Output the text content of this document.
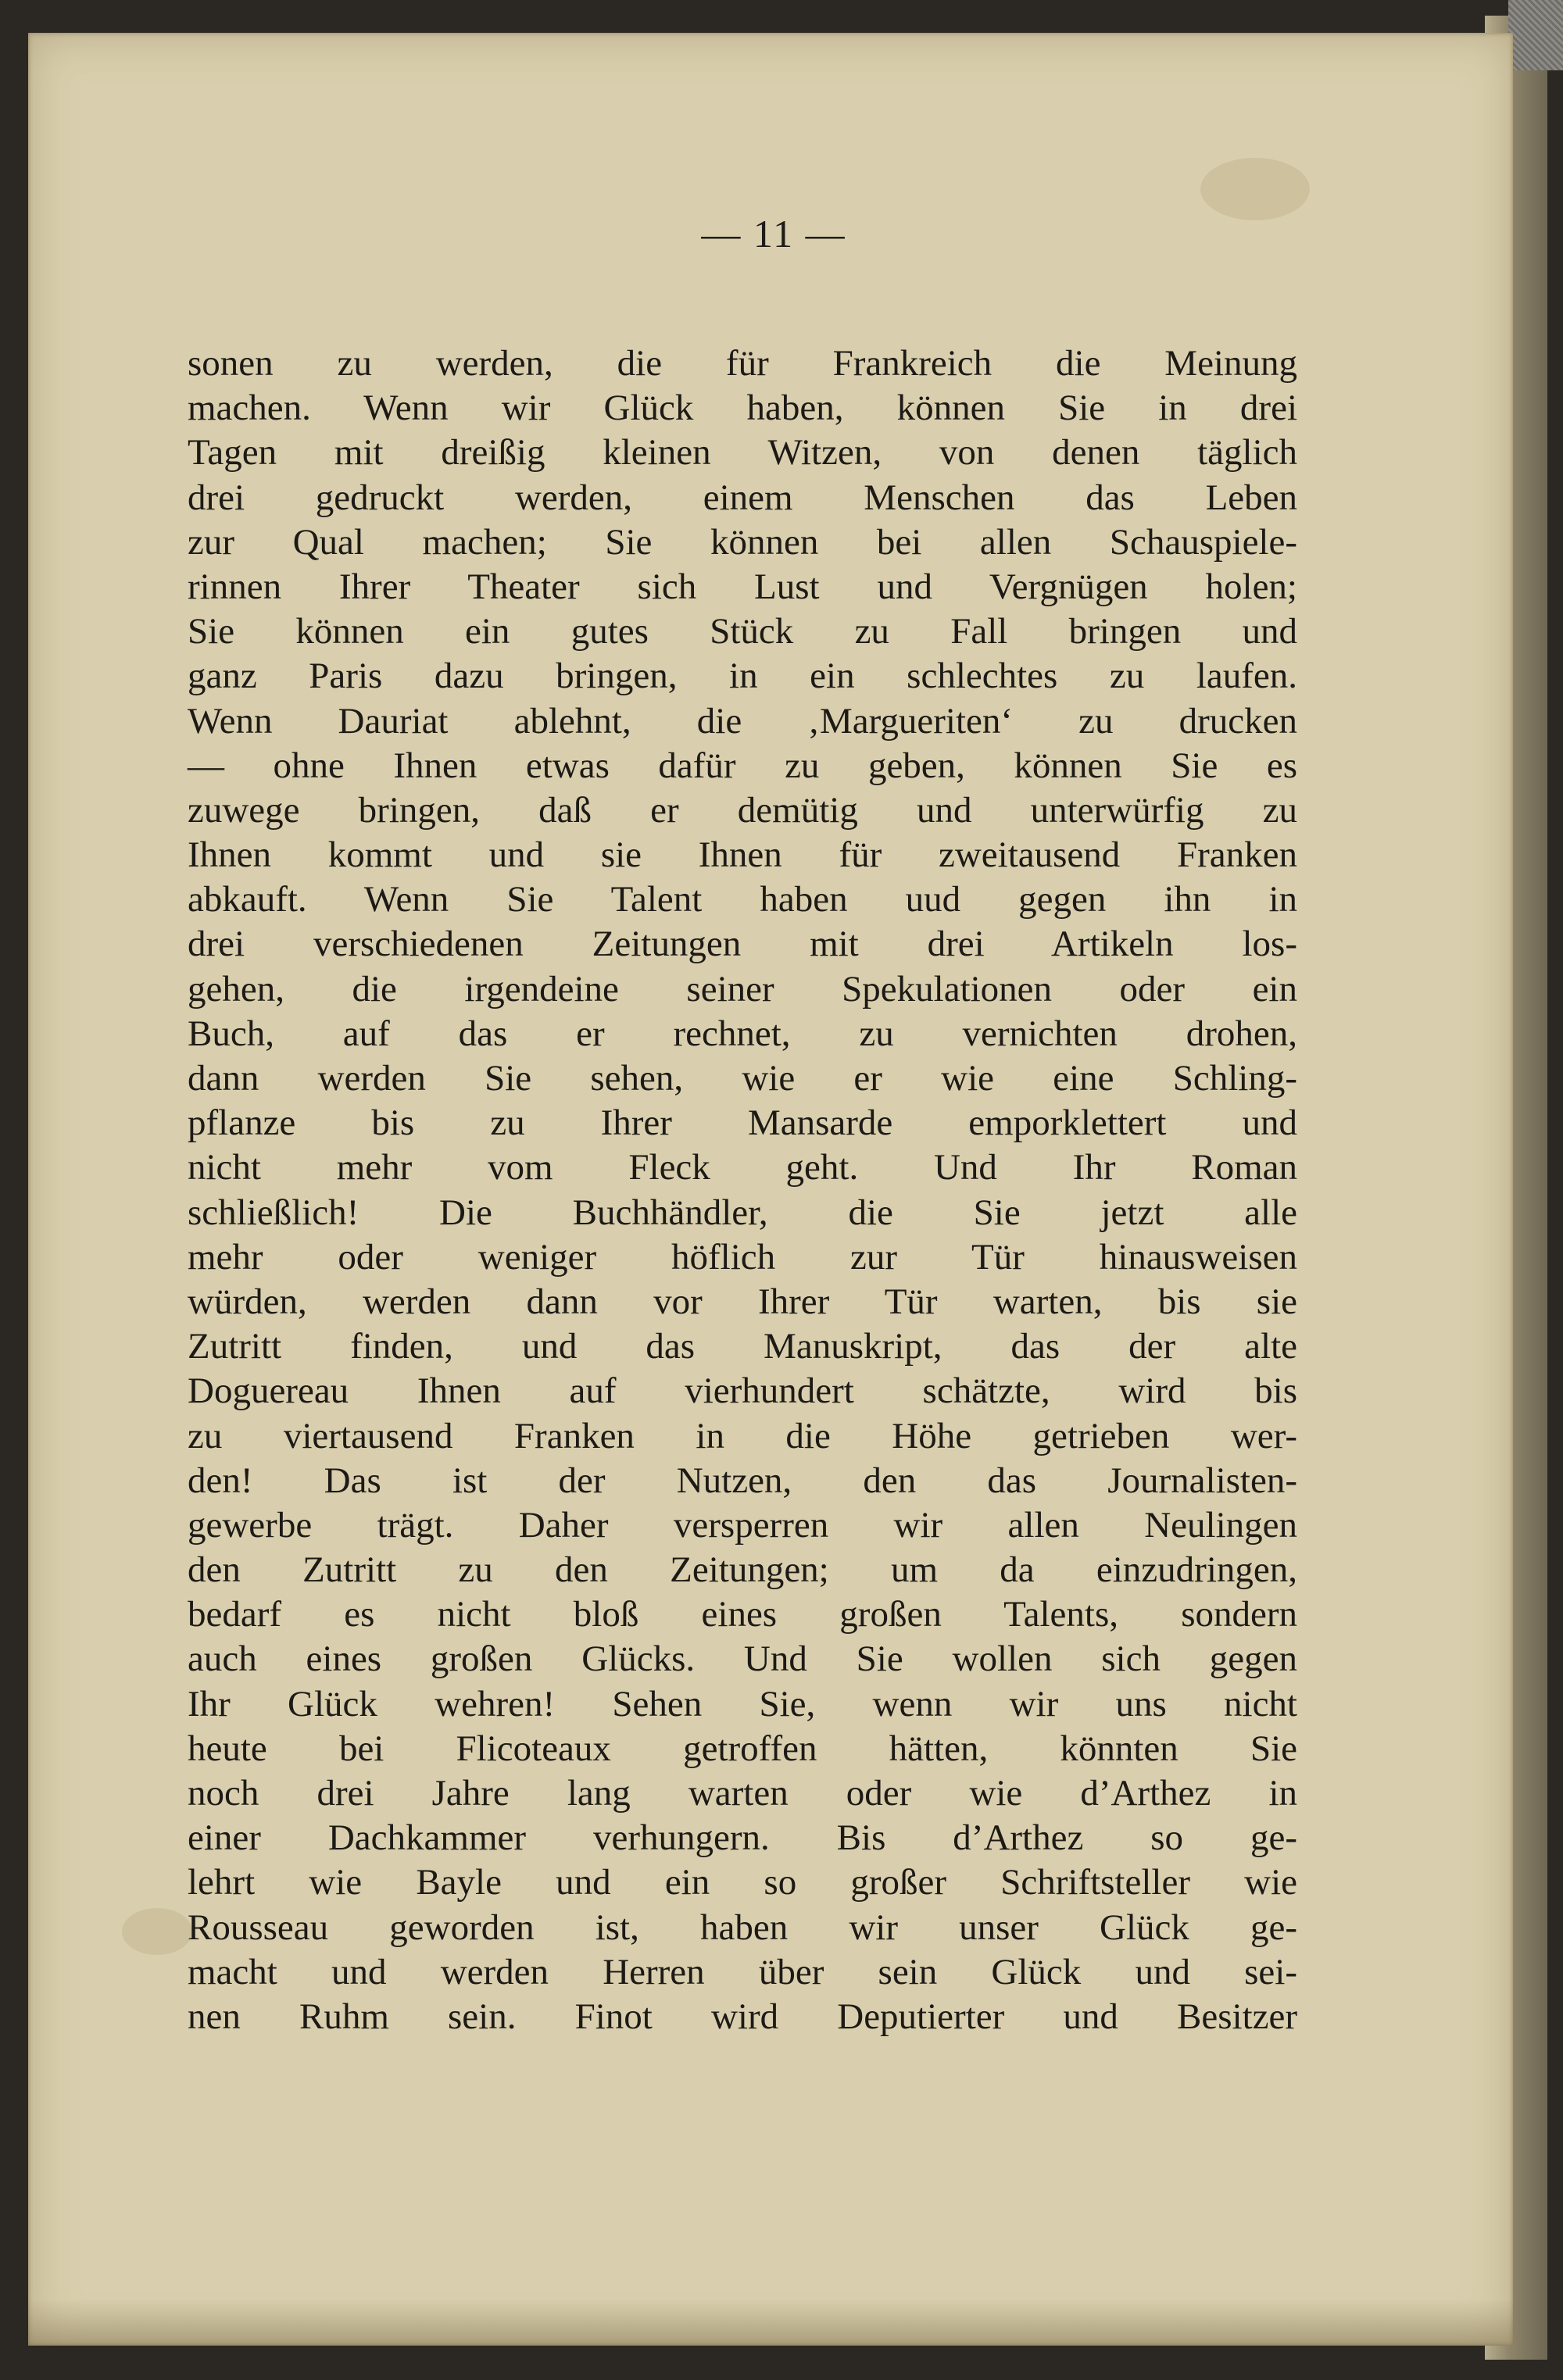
— 11 —
sonen zu werden, die für Frankreich die Meinung
machen. Wenn wir Glück haben, können Sie in drei
Tagen mit dreißig kleinen Witzen, von denen täglich
drei gedruckt werden, einem Menschen das Leben
zur Qual machen; Sie können bei allen Schauspiele-
rinnen Ihrer Theater sich Lust und Vergnügen holen;
Sie können ein gutes Stück zu Fall bringen und
ganz Paris dazu bringen, in ein schlechtes zu laufen.
Wenn Dauriat ablehnt, die ‚Margueriten‘ zu drucken
— ohne Ihnen etwas dafür zu geben, können Sie es
zuwege bringen, daß er demütig und unterwürfig zu
Ihnen kommt und sie Ihnen für zweitausend Franken
abkauft. Wenn Sie Talent haben uud gegen ihn in
drei verschiedenen Zeitungen mit drei Artikeln los-
gehen, die irgendeine seiner Spekulationen oder ein
Buch, auf das er rechnet, zu vernichten drohen,
dann werden Sie sehen, wie er wie eine Schling-
pflanze bis zu Ihrer Mansarde emporklettert und
nicht mehr vom Fleck geht. Und Ihr Roman
schließlich! Die Buchhändler, die Sie jetzt alle
mehr oder weniger höflich zur Tür hinausweisen
würden, werden dann vor Ihrer Tür warten, bis sie
Zutritt finden, und das Manuskript, das der alte
Doguereau Ihnen auf vierhundert schätzte, wird bis
zu viertausend Franken in die Höhe getrieben wer-
den! Das ist der Nutzen, den das Journalisten-
gewerbe trägt. Daher versperren wir allen Neulingen
den Zutritt zu den Zeitungen; um da einzudringen,
bedarf es nicht bloß eines großen Talents, sondern
auch eines großen Glücks. Und Sie wollen sich gegen
Ihr Glück wehren! Sehen Sie, wenn wir uns nicht
heute bei Flicoteaux getroffen hätten, könnten Sie
noch drei Jahre lang warten oder wie d’Arthez in
einer Dachkammer verhungern. Bis d’Arthez so ge-
lehrt wie Bayle und ein so großer Schriftsteller wie
Rousseau geworden ist, haben wir unser Glück ge-
macht und werden Herren über sein Glück und sei-
nen Ruhm sein. Finot wird Deputierter und Besitzer
